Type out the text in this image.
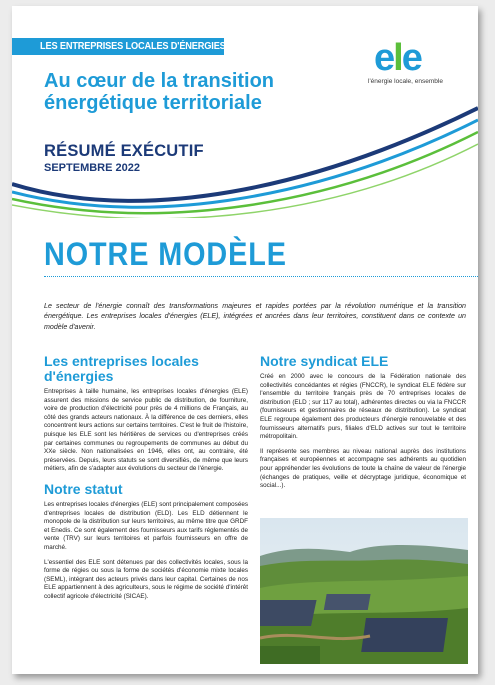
LES ENTREPRISES LOCALES D'ÉNERGIES	ele
l'énergie locale, ensemble
Au cœur de la transition énergétique territoriale
RÉSUMÉ EXÉCUTIF
SEPTEMBRE 2022
NOTRE MODÈLE
Le secteur de l'énergie connaît des transformations majeures et rapides portées par la révolution numérique et la transition énergétique. Les entreprises locales d'énergies (ELE), intégrées et ancrées dans leur territoires, constituent dans ce contexte un modèle d'avenir.
Les entreprises locales d'énergies

Entreprises à taille humaine, les entreprises locales d'énergies (ELE) assurent des missions de service public de distribution, de fourniture, voire de production d'électricité pour près de 4 millions de Français, au côté des grands acteurs nationaux. À la différence de ces derniers, elles concentrent leurs actions sur certains territoires. C'est le fruit de l'histoire, puisque les ELE sont les héritières de services ou d'entreprises créés par certaines communes ou regroupements de communes au début du XXe siècle. Non nationalisées en 1946, elles ont, au contraire, été préservées. Depuis, leurs statuts se sont diversifiés, de même que leurs métiers, afin de s'adapter aux évolutions du secteur de l'énergie.

Notre statut

Les entreprises locales d'énergies (ELE) sont principalement composées d'entreprises locales de distribution (ELD). Les ELD détiennent le monopole de la distribution sur leurs territoires, au même titre que GRDF et Enedis. Ce sont également des fournisseurs aux tarifs réglementés de vente (TRV) sur leurs territoires et parfois fournisseurs en offre de marché.

L'essentiel des ELE sont détenues par des collectivités locales, sous la forme de régies ou sous la forme de sociétés d'économie mixte locales (SEML), intégrant des acteurs privés dans leur capital. Certaines de nos ELE appartiennent à des agriculteurs, sous le régime de société d'intérêt collectif agricole d'électricité (SICAE).

Notre syndicat ELE

Créé en 2000 avec le concours de la Fédération nationale des collectivités concédantes et régies (FNCCR), le syndicat ELE fédère sur l'ensemble du territoire français près de 70 entreprises locales de distribution (ELD ; sur 117 au total), adhérentes directes ou via la FNCCR (fournisseurs et gestionnaires de réseaux de distribution). Le syndicat ELE regroupe également des producteurs d'énergie renouvelable et des fournisseurs alternatifs purs, filiales d'ELD actives sur tout le territoire métropolitain.

Il représente ses membres au niveau national auprès des institutions françaises et européennes et accompagne ses adhérents au quotidien pour appréhender les évolutions de toute la chaîne de valeur de l'énergie (échanges de pratiques, veille et décryptage juridique, économique et social...).
